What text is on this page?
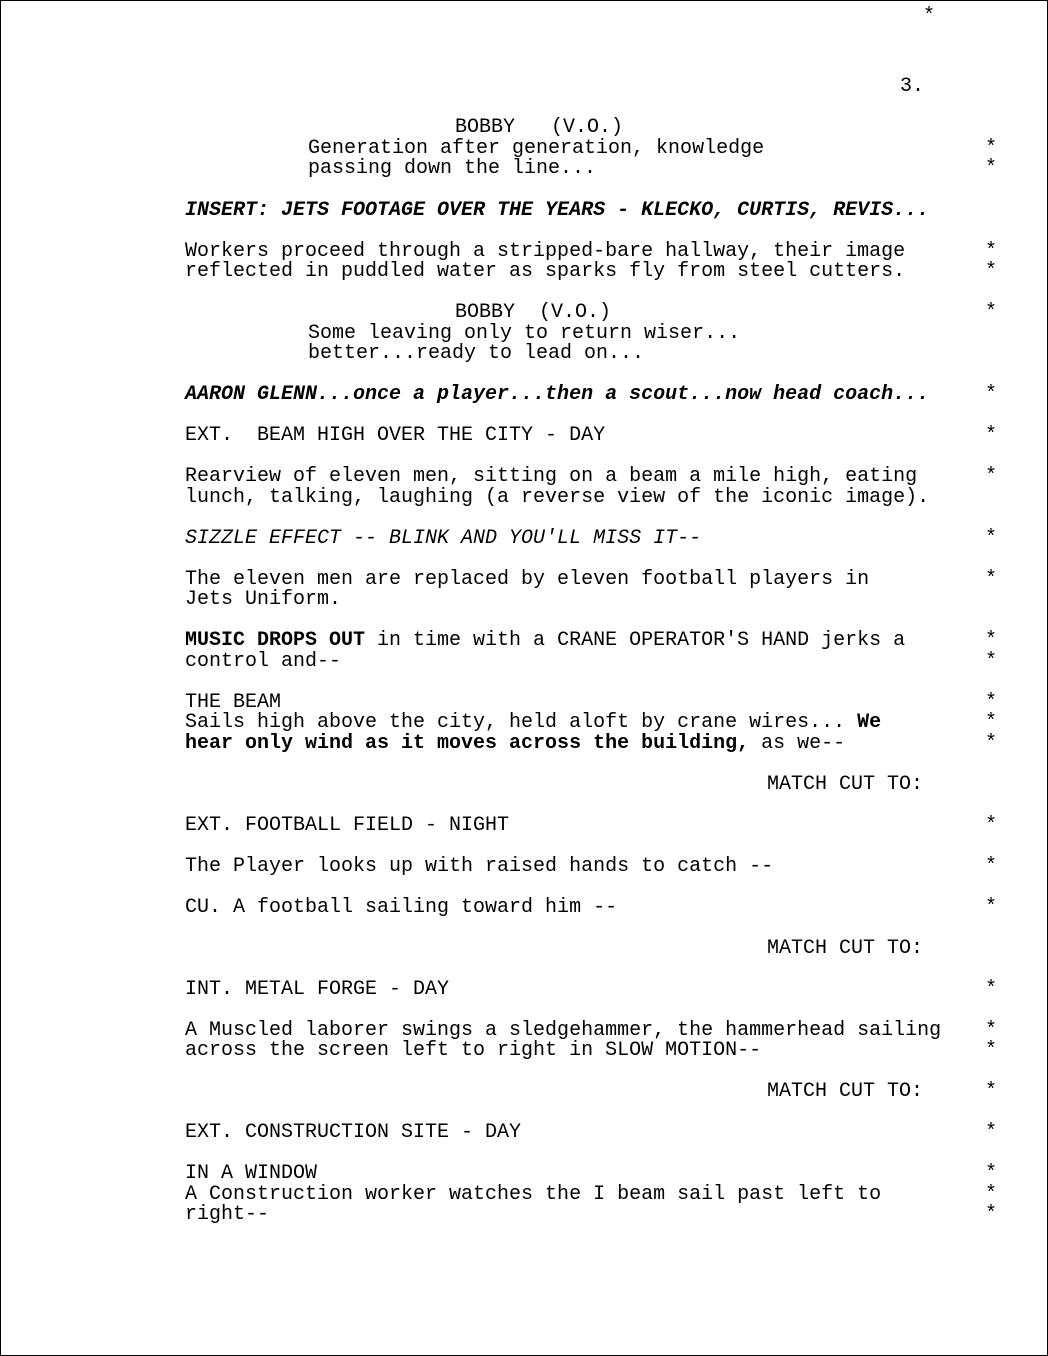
*
3.
BOBBY   (V.O.)
Generation after generation, knowledge	*
passing down the line...	*
INSERT: JETS FOOTAGE OVER THE YEARS - KLECKO, CURTIS, REVIS...
Workers proceed through a stripped-bare hallway, their image	*
reflected in puddled water as sparks fly from steel cutters.	*
BOBBY  (V.O.)	*
Some leaving only to return wiser...
better...ready to lead on...
AARON GLENN...once a player...then a scout...now head coach...	*
EXT.  BEAM HIGH OVER THE CITY - DAY	*
Rearview of eleven men, sitting on a beam a mile high, eating	*
lunch, talking, laughing (a reverse view of the iconic image).
SIZZLE EFFECT -- BLINK AND YOU'LL MISS IT--	*
The eleven men are replaced by eleven football players in	*
Jets Uniform.
MUSIC DROPS OUT in time with a CRANE OPERATOR'S HAND jerks a	*
control and--	*
THE BEAM	*
Sails high above the city, held aloft by crane wires... We	*
hear only wind as it moves across the building, as we--	*
MATCH CUT TO:
EXT. FOOTBALL FIELD - NIGHT	*
The Player looks up with raised hands to catch --	*
CU. A football sailing toward him --	*
MATCH CUT TO:
INT. METAL FORGE - DAY	*
A Muscled laborer swings a sledgehammer, the hammerhead sailing *
across the screen left to right in SLOW MOTION--	*
MATCH CUT TO:	*
EXT. CONSTRUCTION SITE - DAY	*
IN A WINDOW	*
A Construction worker watches the I beam sail past left to	*
right--	*
